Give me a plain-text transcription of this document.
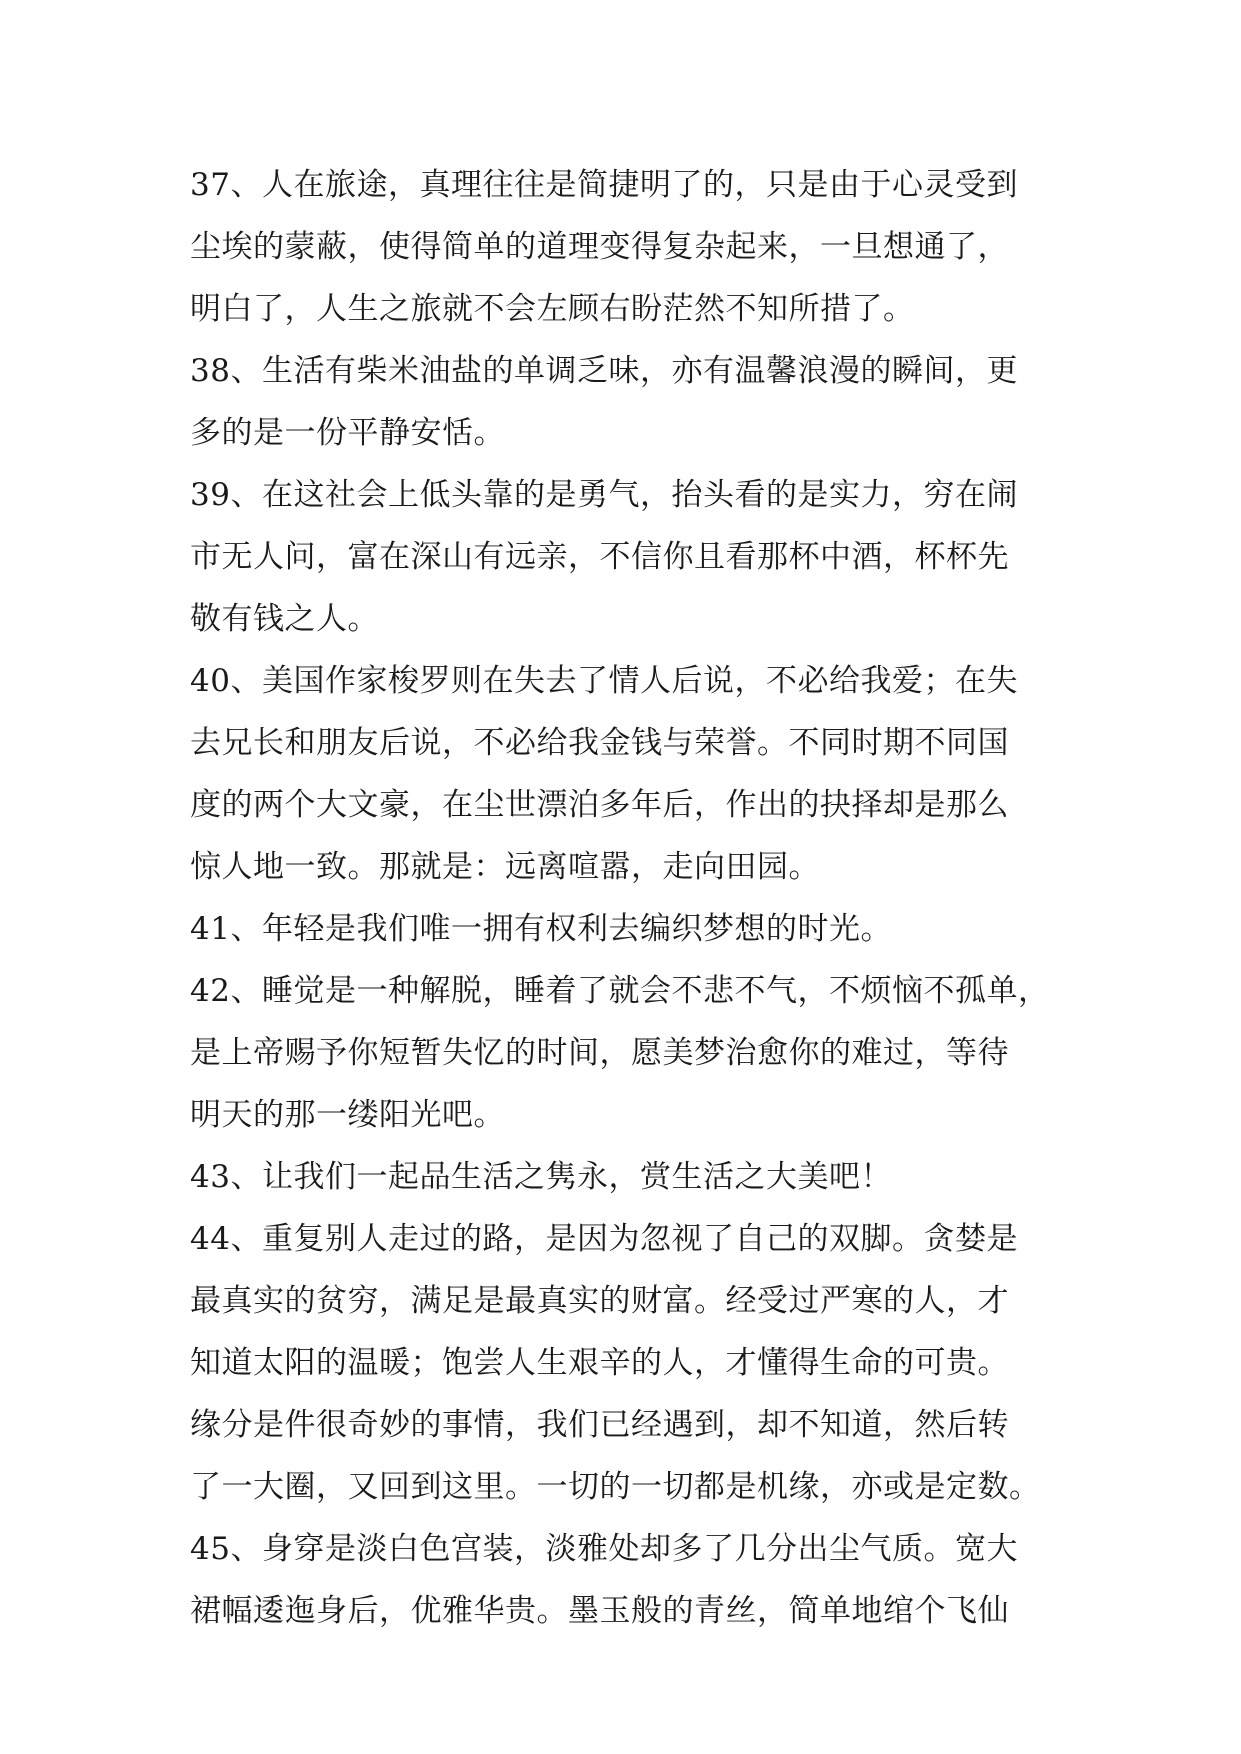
37、人在旅途，真理往往是简捷明了的，只是由于心灵受到
尘埃的蒙蔽，使得简单的道理变得复杂起来，一旦想通了，
明白了，人生之旅就不会左顾右盼茫然不知所措了。
38、生活有柴米油盐的单调乏味，亦有温馨浪漫的瞬间，更
多的是一份平静安恬。
39、在这社会上低头靠的是勇气，抬头看的是实力，穷在闹
市无人问，富在深山有远亲，不信你且看那杯中酒，杯杯先
敬有钱之人。
40、美国作家梭罗则在失去了情人后说，不必给我爱；在失
去兄长和朋友后说，不必给我金钱与荣誉。不同时期不同国
度的两个大文豪，在尘世漂泊多年后，作出的抉择却是那么
惊人地一致。那就是：远离喧嚣，走向田园。
41、年轻是我们唯一拥有权利去编织梦想的时光。
42、睡觉是一种解脱，睡着了就会不悲不气，不烦恼不孤单，
是上帝赐予你短暂失忆的时间，愿美梦治愈你的难过，等待
明天的那一缕阳光吧。
43、让我们一起品生活之隽永，赏生活之大美吧！
44、重复别人走过的路，是因为忽视了自己的双脚。贪婪是
最真实的贫穷，满足是最真实的财富。经受过严寒的人，才
知道太阳的温暖；饱尝人生艰辛的人，才懂得生命的可贵。
缘分是件很奇妙的事情，我们已经遇到，却不知道，然后转
了一大圈，又回到这里。一切的一切都是机缘，亦或是定数。
45、身穿是淡白色宫装，淡雅处却多了几分出尘气质。宽大
裙幅逶迤身后，优雅华贵。墨玉般的青丝，简单地绾个飞仙
